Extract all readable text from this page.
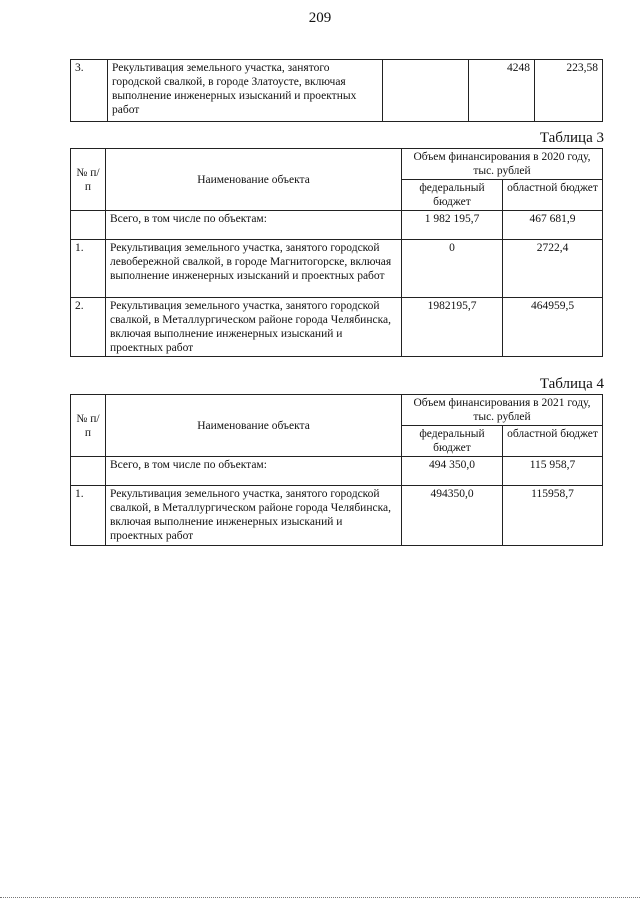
209
3.	Рекультивация земельного участка, занятого городской свалкой, в городе Златоусте, включая выполнение инженерных изысканий и проектных работ		4248	223,58
Таблица 3
№ п/п	Наименование объекта	Объем финансирования в 2020 году, тыс. рублей	
		федеральный бюджет	областной бюджет
	Всего, в том числе по объектам:	1 982 195,7	467 681,9
1.	Рекультивация земельного участка, занятого городской левобережной свалкой, в городе Магнитогорске, включая выполнение инженерных изысканий и проектных работ	0	2722,4
2.	Рекультивация земельного участка, занятого городской свалкой, в Металлургическом районе города Челябинска, включая выполнение инженерных изысканий и проектных работ	1982195,7	464959,5
Таблица 4
№ п/п	Наименование объекта	Объем финансирования в 2021 году, тыс. рублей	
		федеральный бюджет	областной бюджет
	Всего, в том числе по объектам:	494 350,0	115 958,7
1.	Рекультивация земельного участка, занятого городской свалкой, в Металлургическом районе города Челябинска, включая выполнение инженерных изысканий и проектных работ	494350,0	115958,7
